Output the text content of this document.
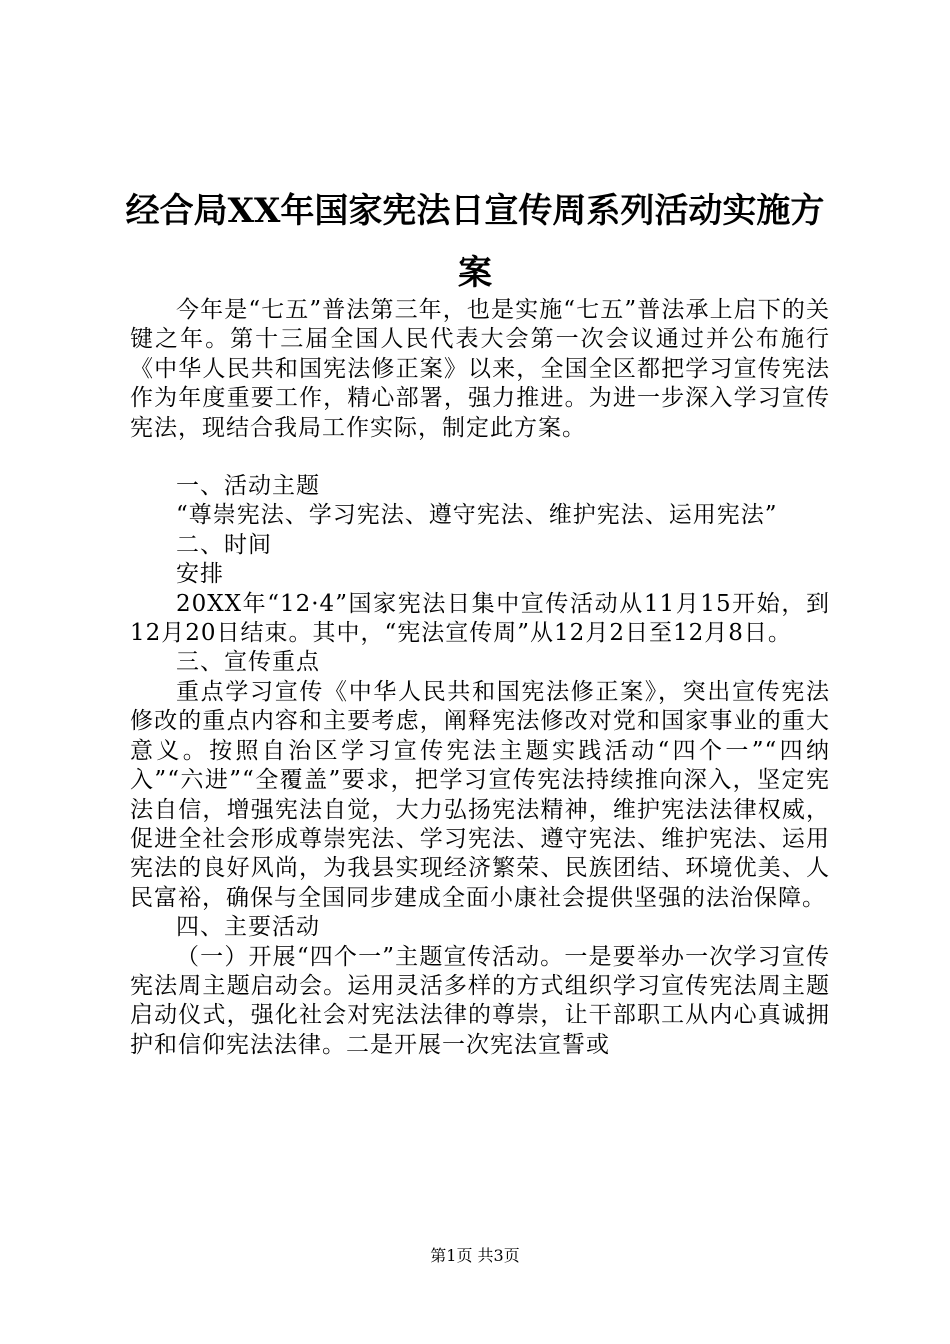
经合局XX年国家宪法日宣传周系列活动实施方案

今年是“七五”普法第三年，也是实施“七五”普法承上启下的关键之年。第十三届全国人民代表大会第一次会议通过并公布施行《中华人民共和国宪法修正案》以来，全国全区都把学习宣传宪法作为年度重要工作，精心部署，强力推进。为进一步深入学习宣传宪法，现结合我局工作实际，制定此方案。

一、活动主题

“尊崇宪法、学习宪法、遵守宪法、维护宪法、运用宪法”

二、时间

安排

20XX年“12·4”国家宪法日集中宣传活动从11月15开始，到12月20日结束。其中，“宪法宣传周”从12月2日至12月8日。

三、宣传重点

重点学习宣传《中华人民共和国宪法修正案》，突出宣传宪法修改的重点内容和主要考虑，阐释宪法修改对党和国家事业的重大意义。按照自治区学习宣传宪法主题实践活动“四个一”“四纳入”“六进”“全覆盖”要求，把学习宣传宪法持续推向深入，坚定宪法自信，增强宪法自觉，大力弘扬宪法精神，维护宪法法律权威，促进全社会形成尊崇宪法、学习宪法、遵守宪法、维护宪法、运用宪法的良好风尚，为我县实现经济繁荣、民族团结、环境优美、人民富裕，确保与全国同步建成全面小康社会提供坚强的法治保障。

四、主要活动

（一）开展“四个一”主题宣传活动。一是要举办一次学习宣传宪法周主题启动会。运用灵活多样的方式组织学习宣传宪法周主题启动仪式，强化社会对宪法法律的尊崇，让干部职工从内心真诚拥护和信仰宪法法律。二是开展一次宪法宣誓或

第1页 共3页
